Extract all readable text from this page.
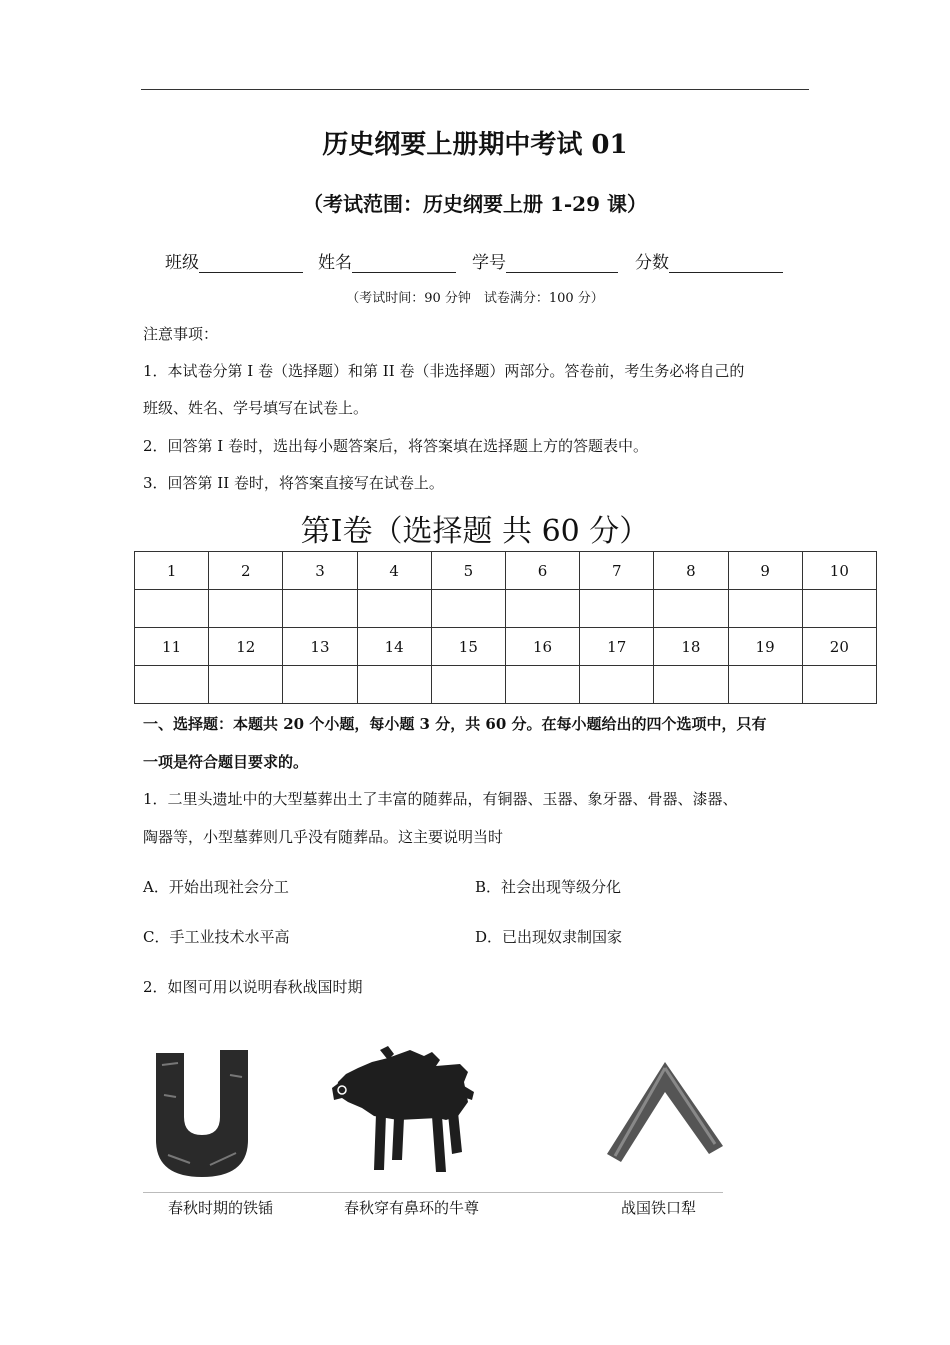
历史纲要上册期中考试 01
（考试范围：历史纲要上册 1-29 课）
班级	姓名	学号	分数
（考试时间：90 分钟　试卷满分：100 分）
注意事项：
1．本试卷分第 I 卷（选择题）和第 II 卷（非选择题）两部分。答卷前，考生务必将自己的
班级、姓名、学号填写在试卷上。
2．回答第 I 卷时，选出每小题答案后，将答案填在选择题上方的答题表中。
3．回答第 II 卷时，将答案直接写在试卷上。
第I卷（选择题 共 60 分）
1	2	3	4	5	6	7	8	9	10

11	12	13	14	15	16	17	18	19	20

一、选择题：本题共 20 个小题，每小题 3 分，共 60 分。在每小题给出的四个选项中，只有
一项是符合题目要求的。
1．二里头遗址中的大型墓葬出土了丰富的随葬品，有铜器、玉器、象牙器、骨器、漆器、
陶器等，小型墓葬则几乎没有随葬品。这主要说明当时
A．开始出现社会分工	B．社会出现等级分化
C．手工业技术水平高	D．已出现奴隶制国家
2．如图可用以说明春秋战国时期
春秋时期的铁锸	春秋穿有鼻环的牛尊	战国铁口犁
